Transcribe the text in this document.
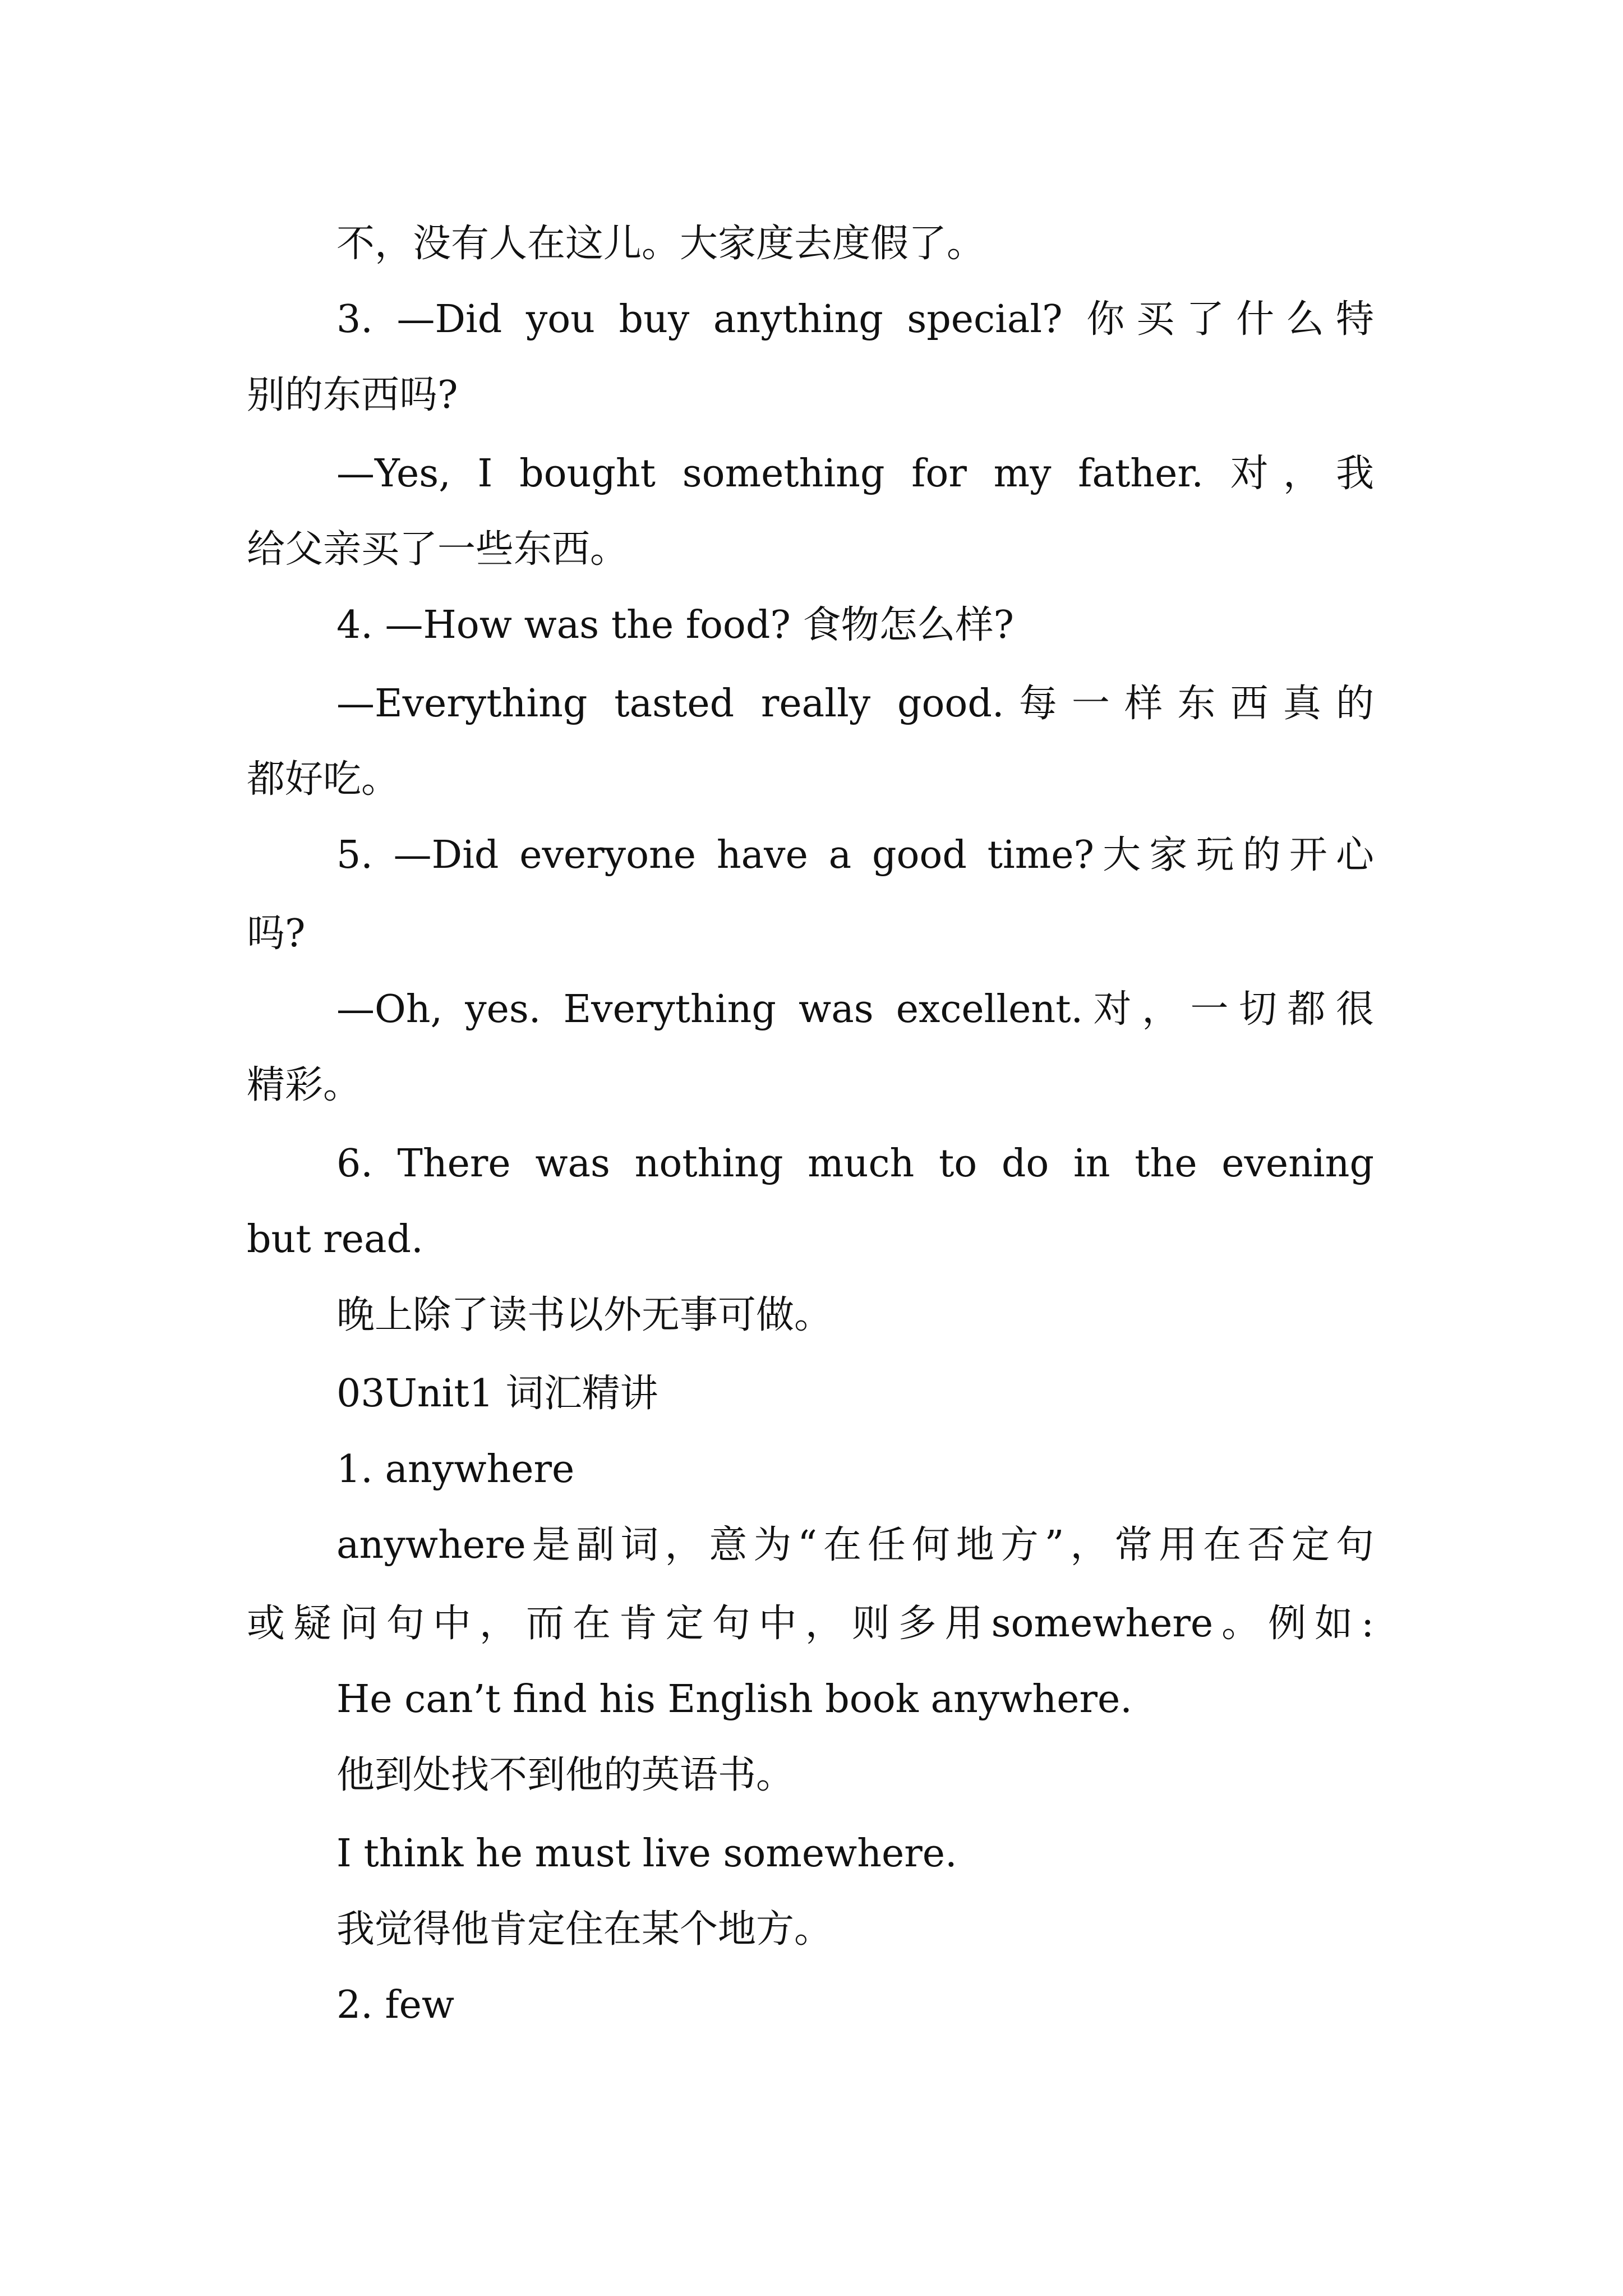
不，没有人在这儿。大家度去度假了。
3. —Did you buy anything special? 你买了什么特
别的东西吗?
—Yes, I bought something for my father. 对，我
给父亲买了一些东西。
4. —How was the food? 食物怎么样?
—Everything tasted really good.每一样东西真的
都好吃。
5. —Did everyone have a good time?大家玩的开心
吗?
—Oh, yes. Everything was excellent.对，一切都很
精彩。
6. There was nothing much to do in the evening
but read.
晚上除了读书以外无事可做。
03Unit1 词汇精讲
1. anywhere
anywhere是副词，意为“在任何地方”，常用在否定句
或疑问句中，而在肯定句中，则多用somewhere。例如:
He can’t find his English book anywhere.
他到处找不到他的英语书。
I think he must live somewhere.
我觉得他肯定住在某个地方。
2. few
